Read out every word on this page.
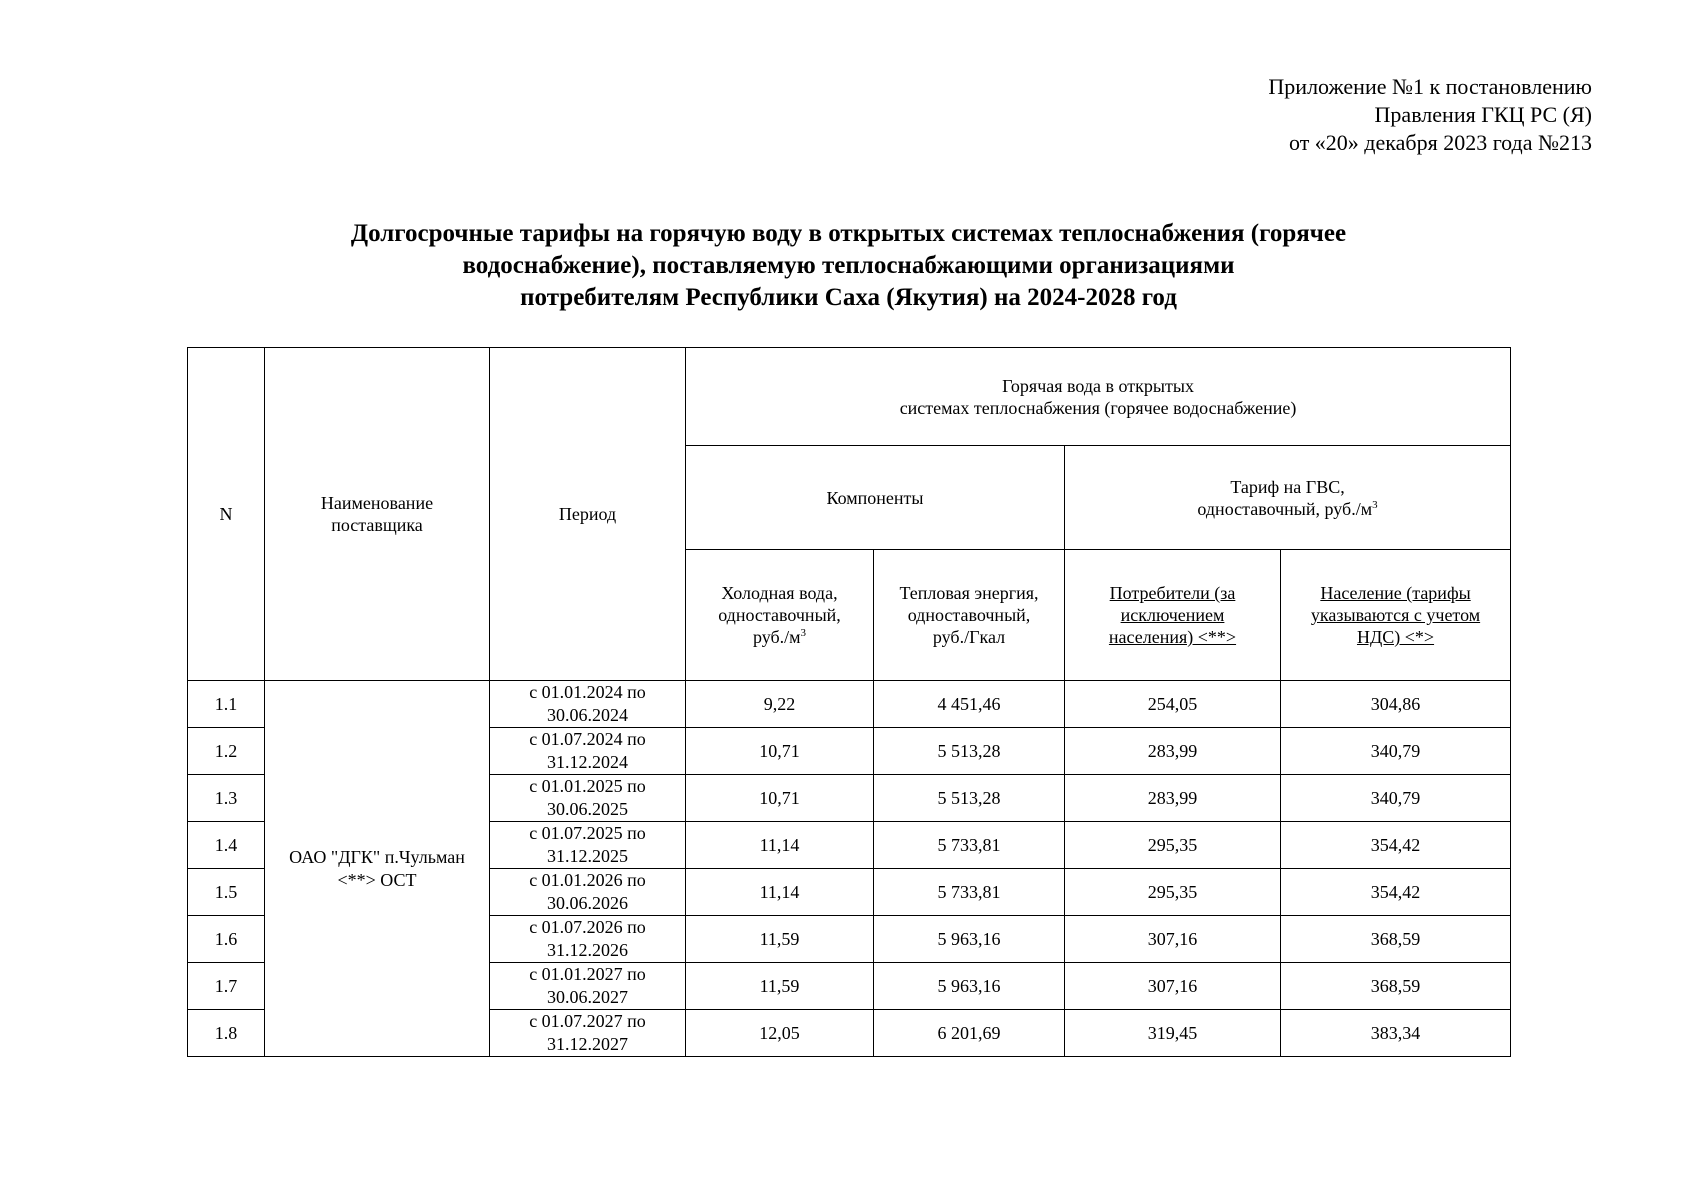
Приложение №1 к постановлению
Правления ГКЦ РС (Я)
от «20» декабря 2023 года №213
Долгосрочные тарифы на горячую воду в открытых системах теплоснабжения (горячее
водоснабжение), поставляемую теплоснабжающими организациями
потребителям Республики Саха (Якутия) на 2024-2028 год
N	Наименование
поставщика	Период	Горячая вода в открытых
системах теплоснабжения (горячее водоснабжение)			

			Компоненты		Тариф на ГВС,
одноставочный, $руб./м^3$

			Холодная вода,
одноставочный,
$руб./м^3$	Тепловая энергия,
одноставочный,
руб./Гкал	Потребители (за
исключением
населения) <**>	Население (тарифы
указываются с учетом
НДС) <*>

1.1	ОАО "ДГК" п.Чульман
<**> ОСТ	с 01.01.2024 по
30.06.2024	9,22	4 451,46	254,05	304,86
1.2		с 01.07.2024 по
31.12.2024	10,71	5 513,28	283,99	340,79
1.3		с 01.01.2025 по
30.06.2025	10,71	5 513,28	283,99	340,79
1.4		с 01.07.2025 по
31.12.2025	11,14	5 733,81	295,35	354,42
1.5		с 01.01.2026 по
30.06.2026	11,14	5 733,81	295,35	354,42
1.6		с 01.07.2026 по
31.12.2026	11,59	5 963,16	307,16	368,59
1.7		с 01.01.2027 по
30.06.2027	11,59	5 963,16	307,16	368,59
1.8		с 01.07.2027 по
31.12.2027	12,05	6 201,69	319,45	383,34
